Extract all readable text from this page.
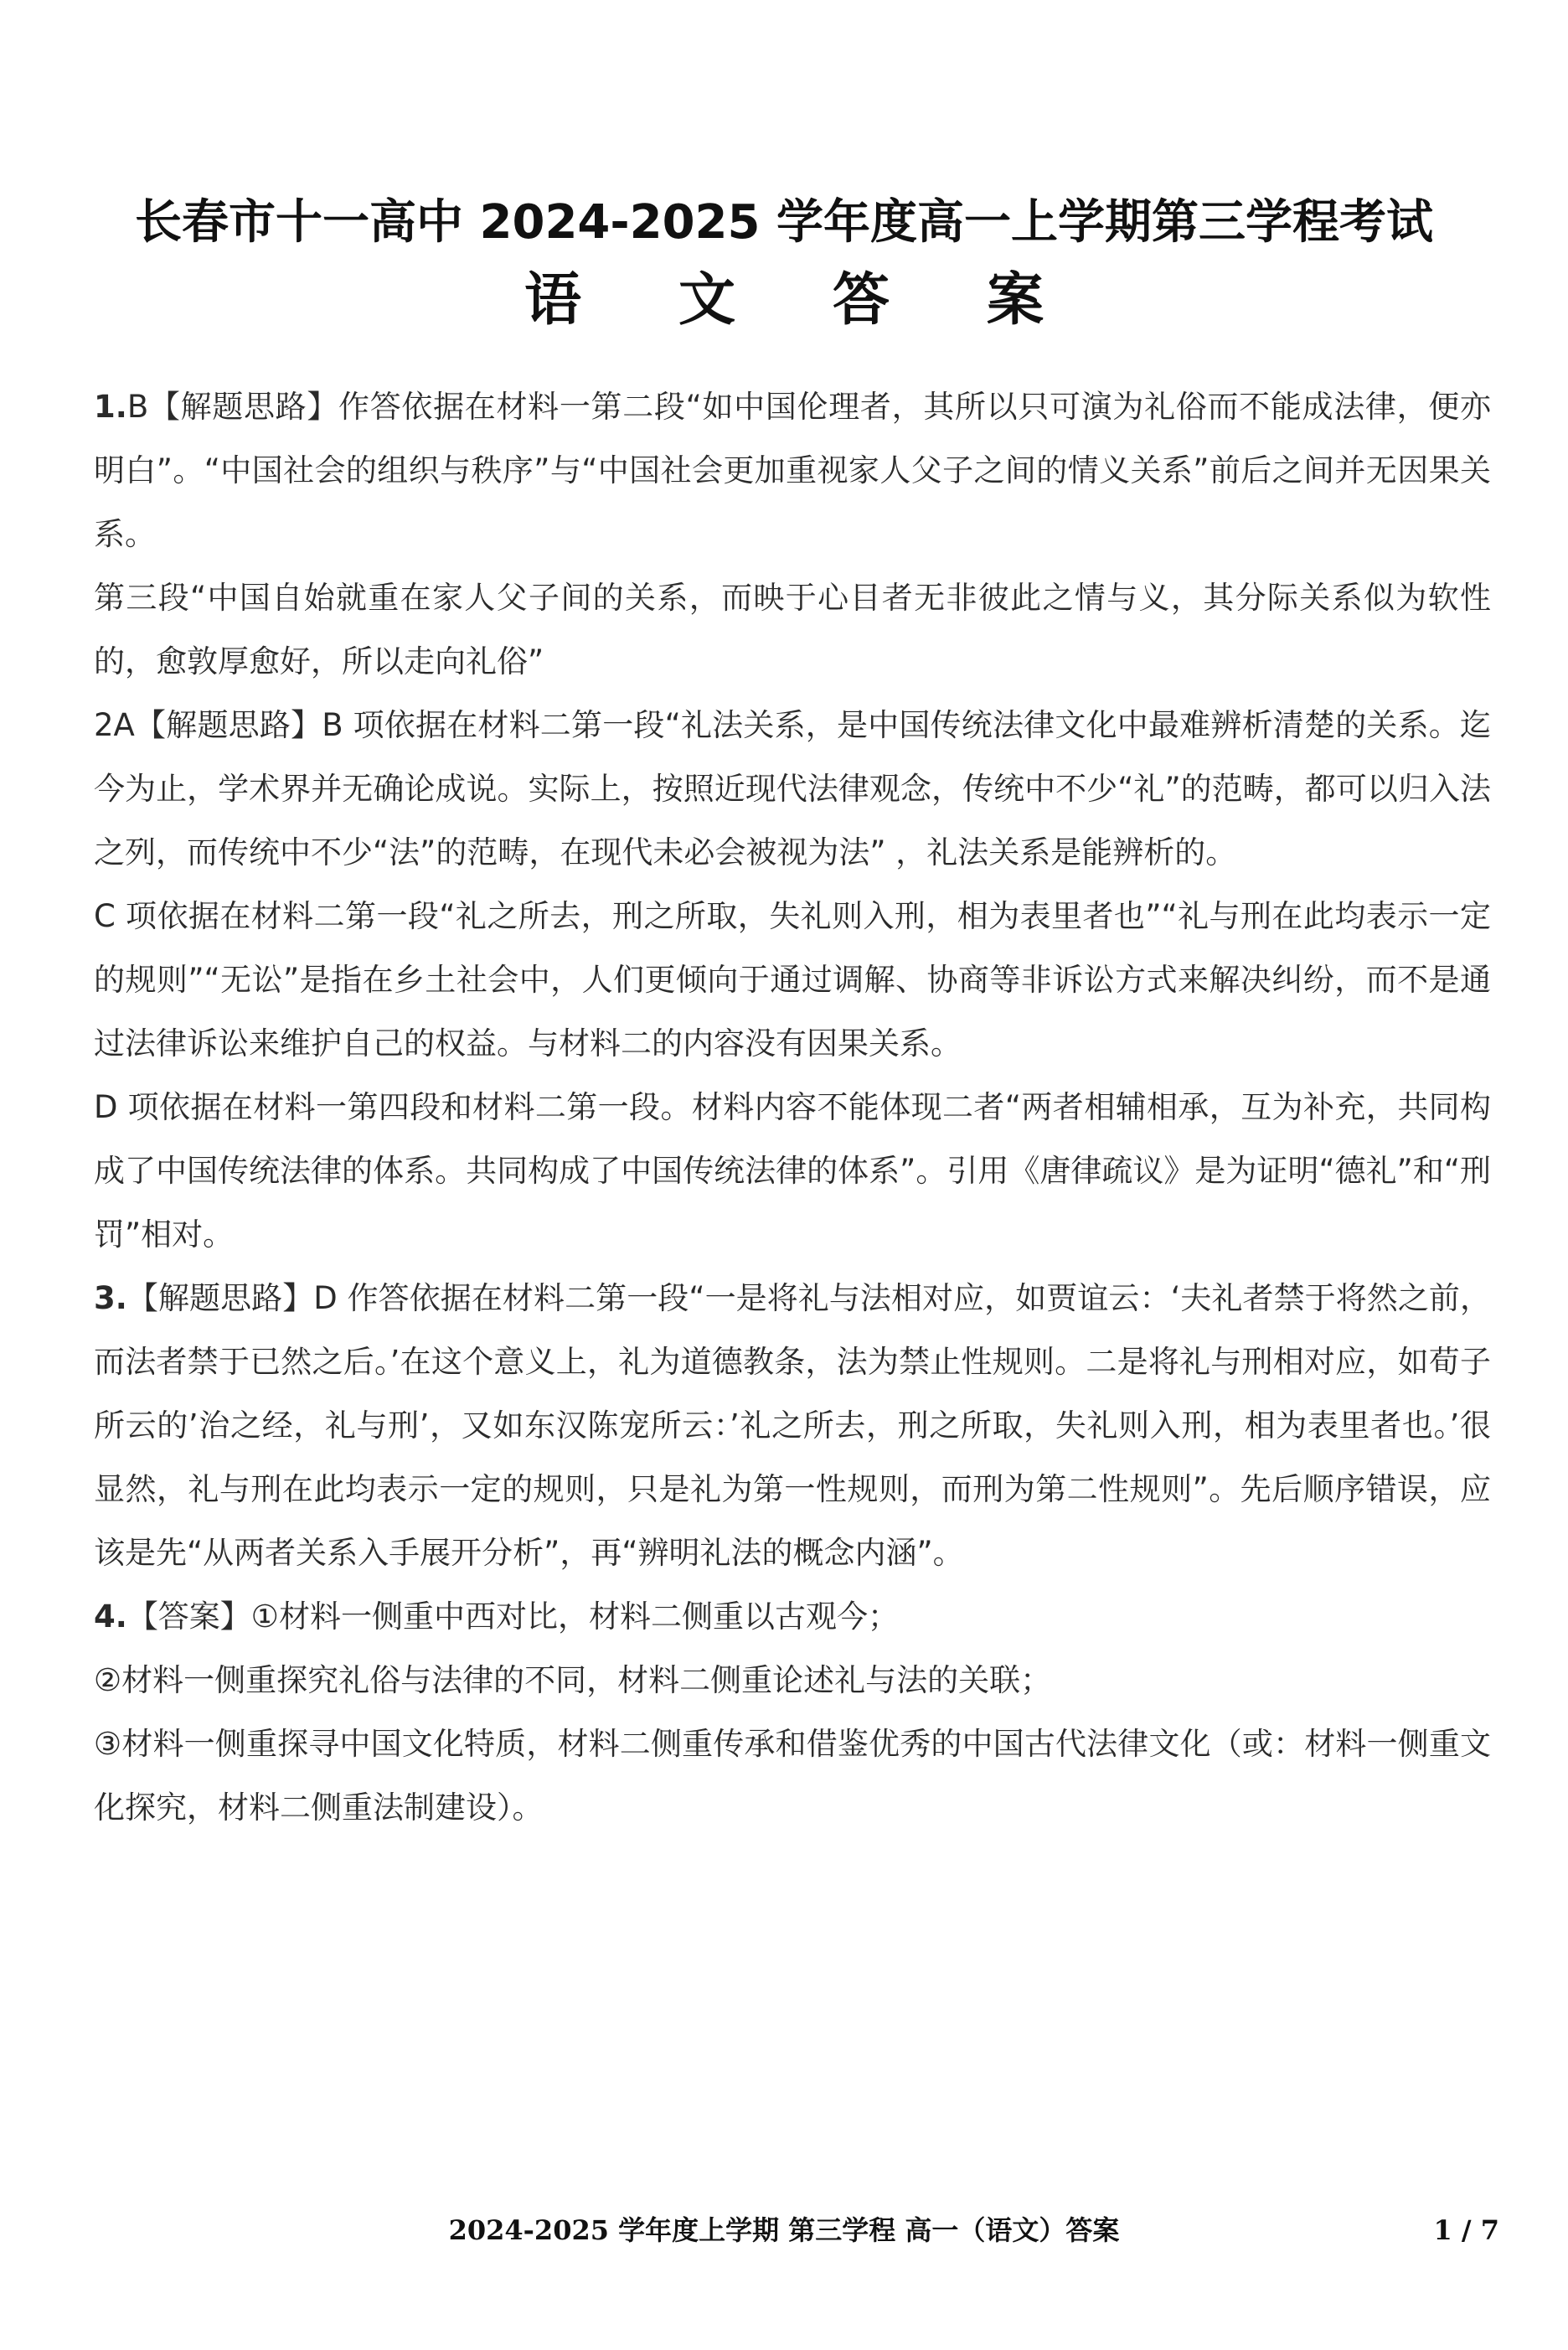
长春市十一高中 2024-2025 学年度高一上学期第三学程考试
语 文 答 案

1.B【解题思路】作答依据在材料一第二段“如中国伦理者，其所以只可演为礼俗而不能成法律，便亦明白”。“中国社会的组织与秩序”与“中国社会更加重视家人父子之间的情义关系”前后之间并无因果关系。

第三段“中国自始就重在家人父子间的关系，而映于心目者无非彼此之情与义，其分际关系似为软性的，愈敦厚愈好，所以走向礼俗”

2A【解题思路】B 项依据在材料二第一段“礼法关系，是中国传统法律文化中最难辨析清楚的关系。迄今为止，学术界并无确论成说。实际上，按照近现代法律观念，传统中不少“礼”的范畴，都可以归入法之列，而传统中不少“法”的范畴，在现代未必会被视为法” ，礼法关系是能辨析的。

C 项依据在材料二第一段“礼之所去，刑之所取，失礼则入刑，相为表里者也”“礼与刑在此均表示一定的规则”“无讼”是指在乡土社会中，人们更倾向于通过调解、协商等非诉讼方式来解决纠纷，而不是通过法律诉讼来维护自己的权益。与材料二的内容没有因果关系。

D 项依据在材料一第四段和材料二第一段。材料内容不能体现二者“两者相辅相承，互为补充，共同构成了中国传统法律的体系。共同构成了中国传统法律的体系”。引用《唐律疏议》是为证明“德礼”和“刑罚”相对。

3.【解题思路】D 作答依据在材料二第一段“一是将礼与法相对应，如贾谊云：‘夫礼者禁于将然之前，而法者禁于已然之后。’在这个意义上，礼为道德教条，法为禁止性规则。二是将礼与刑相对应，如荀子所云的’治之经，礼与刑’，又如东汉陈宠所云：’礼之所去，刑之所取，失礼则入刑，相为表里者也。’很显然，礼与刑在此均表示一定的规则，只是礼为第一性规则，而刑为第二性规则”。先后顺序错误，应该是先“从两者关系入手展开分析”，再“辨明礼法的概念内涵”。

4.【答案】①材料一侧重中西对比，材料二侧重以古观今；

②材料一侧重探究礼俗与法律的不同，材料二侧重论述礼与法的关联；

③材料一侧重探寻中国文化特质，材料二侧重传承和借鉴优秀的中国古代法律文化（或：材料一侧重文化探究，材料二侧重法制建设）。

2024-2025 学年度上学期 第三学程 高一（语文）答案	1 / 7
